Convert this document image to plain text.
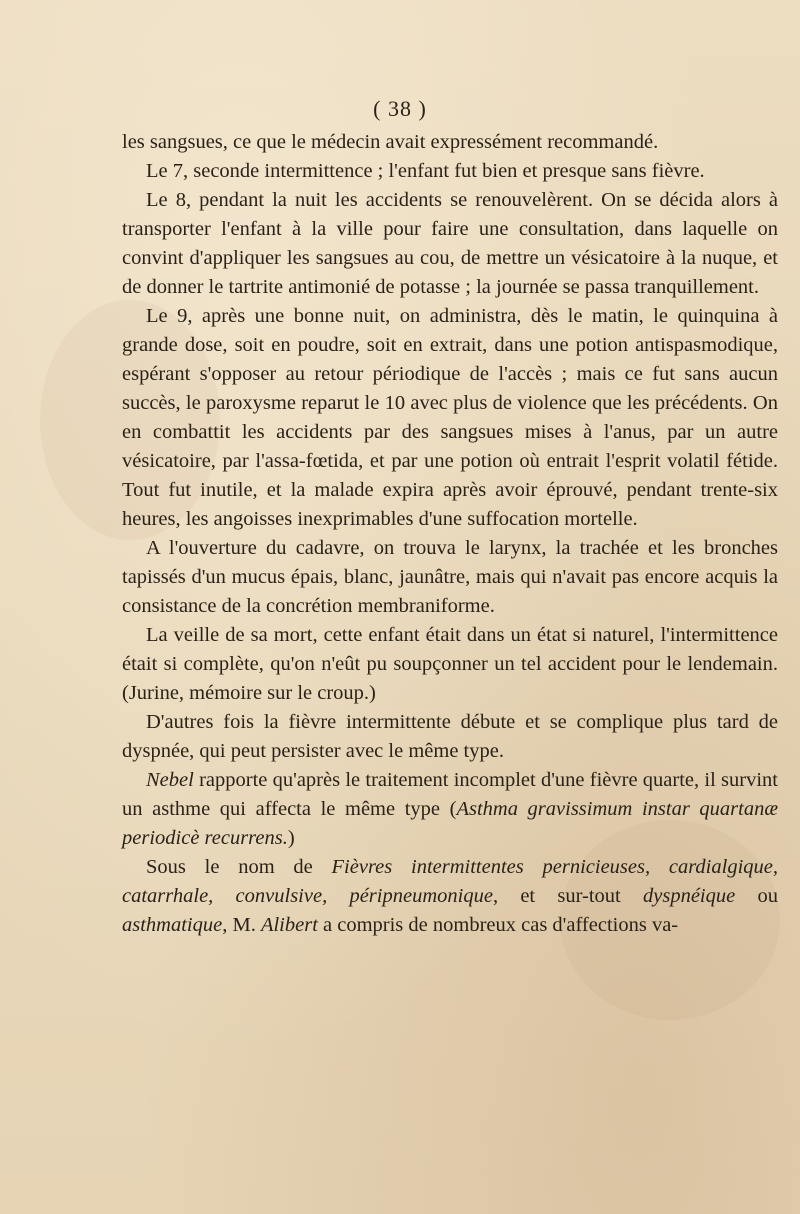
( 38 )

les sangsues, ce que le médecin avait expressément recommandé.

Le 7, seconde intermittence ; l'enfant fut bien et presque sans fièvre.

Le 8, pendant la nuit les accidents se renouvelèrent. On se décida alors à transporter l'enfant à la ville pour faire une consultation, dans laquelle on convint d'appliquer les sangsues au cou, de mettre un vésicatoire à la nuque, et de donner le tartrite antimonié de potasse ; la journée se passa tranquillement.

Le 9, après une bonne nuit, on administra, dès le matin, le quinquina à grande dose, soit en poudre, soit en extrait, dans une potion antispasmodique, espérant s'opposer au retour périodique de l'accès ; mais ce fut sans aucun succès, le paroxysme reparut le 10 avec plus de violence que les précédents. On en combattit les accidents par des sangsues mises à l'anus, par un autre vésicatoire, par l'assa-fœtida, et par une potion où entrait l'esprit volatil fétide. Tout fut inutile, et la malade expira après avoir éprouvé, pendant trente-six heures, les angoisses inexprimables d'une suffocation mortelle.

A l'ouverture du cadavre, on trouva le larynx, la trachée et les bronches tapissés d'un mucus épais, blanc, jaunâtre, mais qui n'avait pas encore acquis la consistance de la concrétion membraniforme.

La veille de sa mort, cette enfant était dans un état si naturel, l'intermittence était si complète, qu'on n'eût pu soupçonner un tel accident pour le lendemain. (Jurine, mémoire sur le croup.)

D'autres fois la fièvre intermittente débute et se complique plus tard de dyspnée, qui peut persister avec le même type.

Nebel rapporte qu'après le traitement incomplet d'une fièvre quarte, il survint un asthme qui affecta le même type (Asthma gravissimum instar quartanæ periodicè recurrens.)

Sous le nom de Fièvres intermittentes pernicieuses, cardialgique, catarrhale, convulsive, péripneumonique, et sur-tout dyspnéique ou asthmatique, M. Alibert a compris de nombreux cas d'affections va-
